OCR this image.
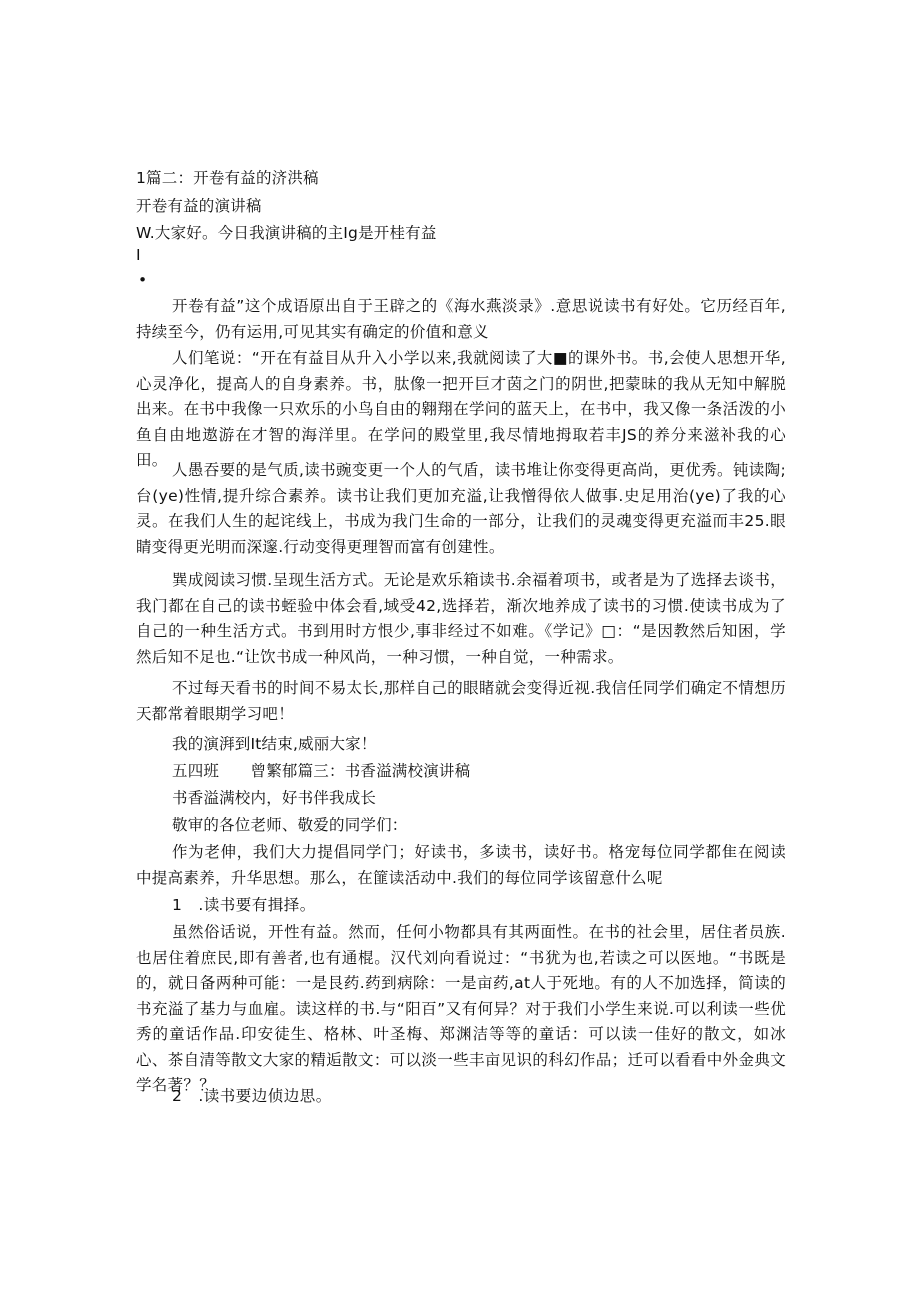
1篇二：开卷有益的济洪稿
开卷有益的演讲稿
W.大家好。今日我演讲稿的主Ig是开桂有益
I
•
开卷有益”这个成语原出自于王辟之的《海水燕淡录》.意思说读书有好处。它历经百年,持续至今，仍有运用,可见其实有确定的价值和意义
人们笔说：“开在有益目从升入小学以来,我就阅读了大■的课外书。书,会使人思想开华,心灵净化，提高人的自身素养。书，肽像一把开巨才茵之门的阴世,把蒙昧的我从无知中解脱出来。在书中我像一只欢乐的小鸟自由的翱翔在学问的蓝天上，在书中，我又像一条活泼的小鱼自由地遨游在才智的海洋里。在学问的殿堂里,我尽情地拇取若丰JS的养分来滋补我的心田。
人愚吞要的是气质,读书豌变更一个人的气盾，读书堆让你变得更高尚，更优秀。钝读陶;台(ye)性情,提升综合素养。读书让我们更加充溢,让我憎得依人做事.史足用治(ye)了我的心灵。在我们人生的起诧线上，书成为我门生命的一部分，让我们的灵魂变得更充溢而丰25.眼睛变得更光明而深邃.行动变得更理智而富有创建性。
巽成阅读习惯.呈现生活方式。无论是欢乐箱读书.余福着项书，或者是为了选择去谈书，我门都在自己的读书蛭验中体会看,域受42,选择若，渐次地养成了读书的习惯.使读书成为了自己的一种生活方式。书到用时方恨少,事非经过不如难。《学记》□：“是因教然后知困，学然后知不足也.“让饮书成一种风尚，一种习惯，一种自觉，一种需求。
不过每天看书的时间不易太长,那样自己的眼睹就会变得近视.我信任同学们确定不情想历天都常着眼期学习吧！
我的演湃到It结束,威丽大家！
五四班　　曾繁郁篇三：书香溢满校演讲稿
书香溢满校内，好书伴我成长
敬审的各位老师、敬爱的同学们：
作为老伸，我们大力提倡同学门；好读书，多读书，读好书。格宠每位同学都隹在阅读中提高素养，升华思想。那么，在篚读活动中.我们的每位同学该留意什么呢
1　.读书要有揖择。
虽然俗话说，开性有益。然而，任何小物都具有其两面性。在书的社会里，居住者员族.也居住着庶民,即有善者,也有通棍。汉代刘向看说过：“书犹为也,若读之可以医地。“书既是的，就日备两种可能：一是艮药.药到病除：一是亩药,at人于死地。有的人不加选择，简读的书充溢了基力与血雇。读这样的书.与“阳百”又有何异？对于我们小学生来说.可以利读一些优秀的童话作品.印安徒生、格林、叶圣梅、郑渊洁等等的童话：可以读一佳好的散文，如冰心、茶自清等散文大家的精逅散文：可以淡一些丰亩见识的科幻作品；迁可以看看中外金典文学名著？？
2　.读书要边侦边思。
